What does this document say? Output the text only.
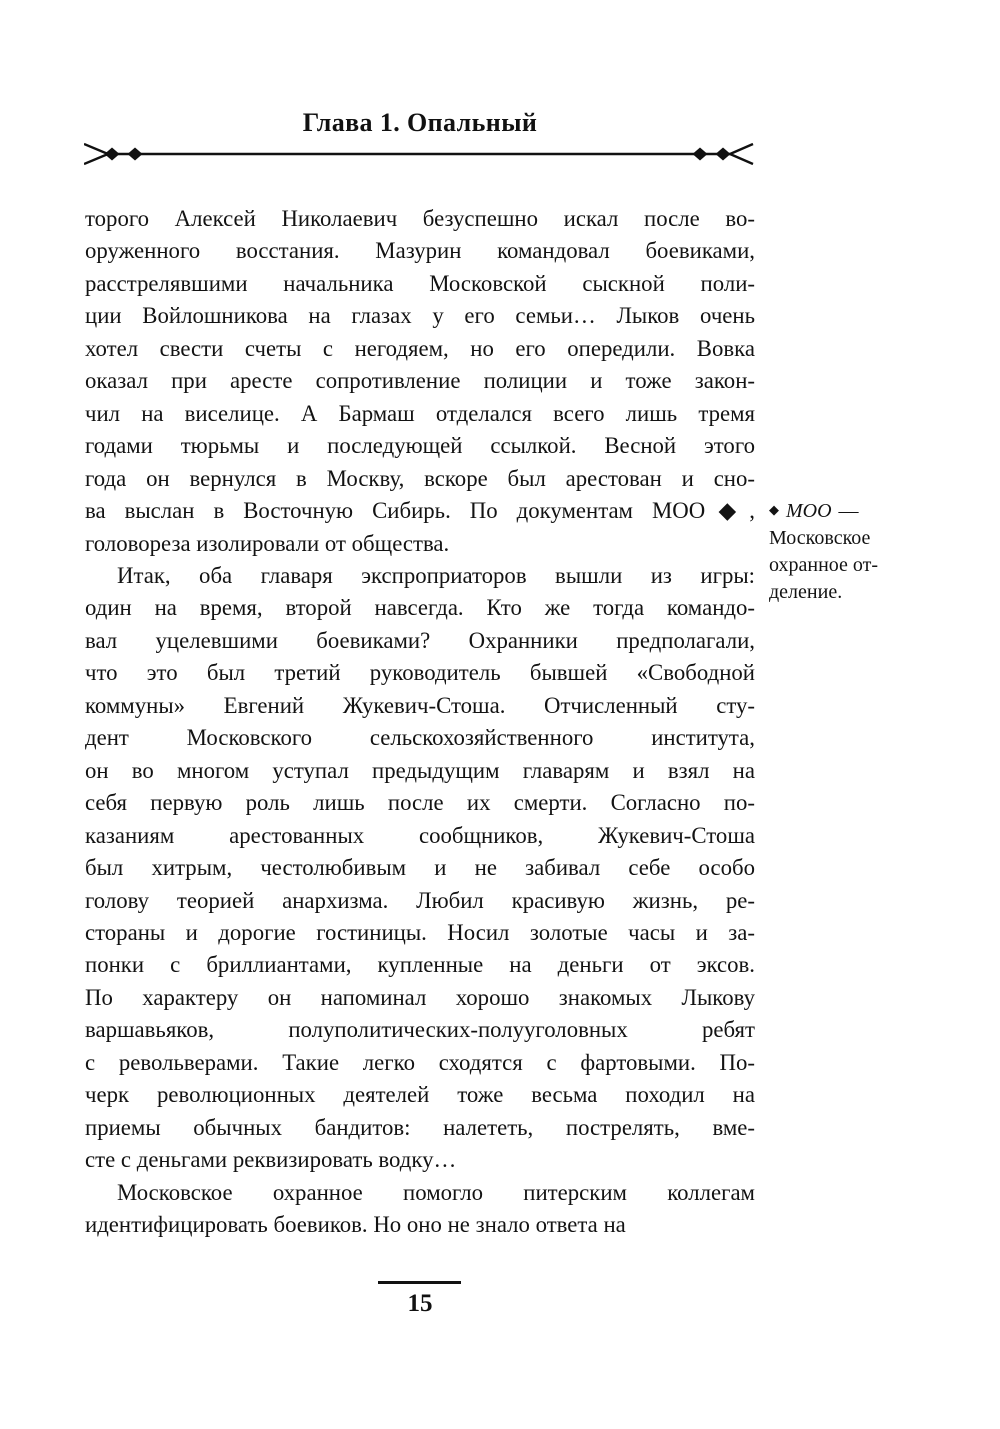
Глава 1. Опальный
торого Алексей Николаевич безуспешно искал после во-
оруженного восстания. Мазурин командовал боевиками,
расстрелявшими начальника Московской сыскной поли-
ции Войлошникова на глазах у его семьи… Лыков очень
хотел свести счеты с негодяем, но его опередили. Вовка
оказал при аресте сопротивление полиции и тоже закон-
чил на виселице. А Бармаш отделался всего лишь тремя
годами тюрьмы и последующей ссылкой. Весной этого
года он вернулся в Москву, вскоре был арестован и сно-
ва выслан в Восточную Сибирь. По документам МОО◆,
головореза изолировали от общества.
Итак, оба главаря экспроприаторов вышли из игры:
один на время, второй навсегда. Кто же тогда командо-
вал уцелевшими боевиками? Охранники предполагали,
что это был третий руководитель бывшей «Свободной
коммуны» Евгений Жукевич-Стоша. Отчисленный сту-
дент Московского сельскохозяйственного института,
он во многом уступал предыдущим главарям и взял на
себя первую роль лишь после их смерти. Согласно по-
казаниям арестованных сообщников, Жукевич-Стоша
был хитрым, честолюбивым и не забивал себе особо
голову теорией анархизма. Любил красивую жизнь, ре-
стораны и дорогие гостиницы. Носил золотые часы и за-
понки с бриллиантами, купленные на деньги от эксов.
По характеру он напоминал хорошо знакомых Лыкову
варшавьяков, полуполитических-полууголовных ребят
с револьверами. Такие легко сходятся с фартовыми. По-
черк революционных деятелей тоже весьма походил на
приемы обычных бандитов: налететь, пострелять, вме-
сте с деньгами реквизировать водку…
Московское охранное помогло питерским коллегам
идентифицировать боевиков. Но оно не знало ответа на
◆ МОО —
Московское
охранное от-
деление.
15
